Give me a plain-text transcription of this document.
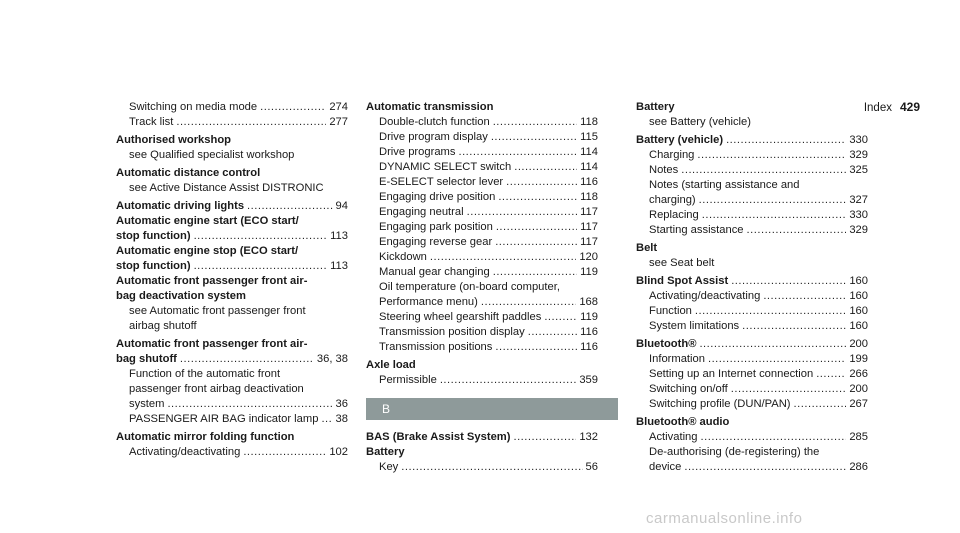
Index 429
Switching on media mode .....	274
Track list .....	277
Authorised workshop
see Qualified specialist workshop
Automatic distance control
see Active Distance Assist DISTRONIC
Automatic driving lights .....	94
Automatic engine start (ECO start/
stop function) .....	113
Automatic engine stop (ECO start/
stop function) .....	113
Automatic front passenger front air-
bag deactivation system
see Automatic front passenger front
airbag shutoff
Automatic front passenger front air-
bag shutoff .....	36, 38
Function of the automatic front
passenger front airbag deactivation
system .....	36
PASSENGER AIR BAG indicator lamp ..... 38
Automatic mirror folding function
Activating/deactivating .....	102
Automatic transmission
Double-clutch function .....	118
Drive program display .....	115
Drive programs .....	114
DYNAMIC SELECT switch .....	114
E-SELECT selector lever .....	116
Engaging drive position .....	118
Engaging neutral .....	117
Engaging park position .....	117
Engaging reverse gear .....	117
Kickdown .....	120
Manual gear changing .....	119
Oil temperature (on-board computer,
Performance menu) .....	168
Steering wheel gearshift paddles .....	119
Transmission position display .....	116
Transmission positions .....	116
Axle load
Permissible .....	359
B
BAS (Brake Assist System) .....	132
Battery
Key .....	56
Battery
see Battery (vehicle)
Battery (vehicle) .....	330
Charging .....	329
Notes .....	325
Notes (starting assistance and
charging) .....	327
Replacing .....	330
Starting assistance .....	329
Belt
see Seat belt
Blind Spot Assist .....	160
Activating/deactivating .....	160
Function .....	160
System limitations .....	160
Bluetooth® .....	200
Information .....	199
Setting up an Internet connection .....	266
Switching on/off .....	200
Switching profile (DUN/PAN) .....	267
Bluetooth® audio
Activating .....	285
De-authorising (de-registering) the
device .....	286
carmanualsonline.info
